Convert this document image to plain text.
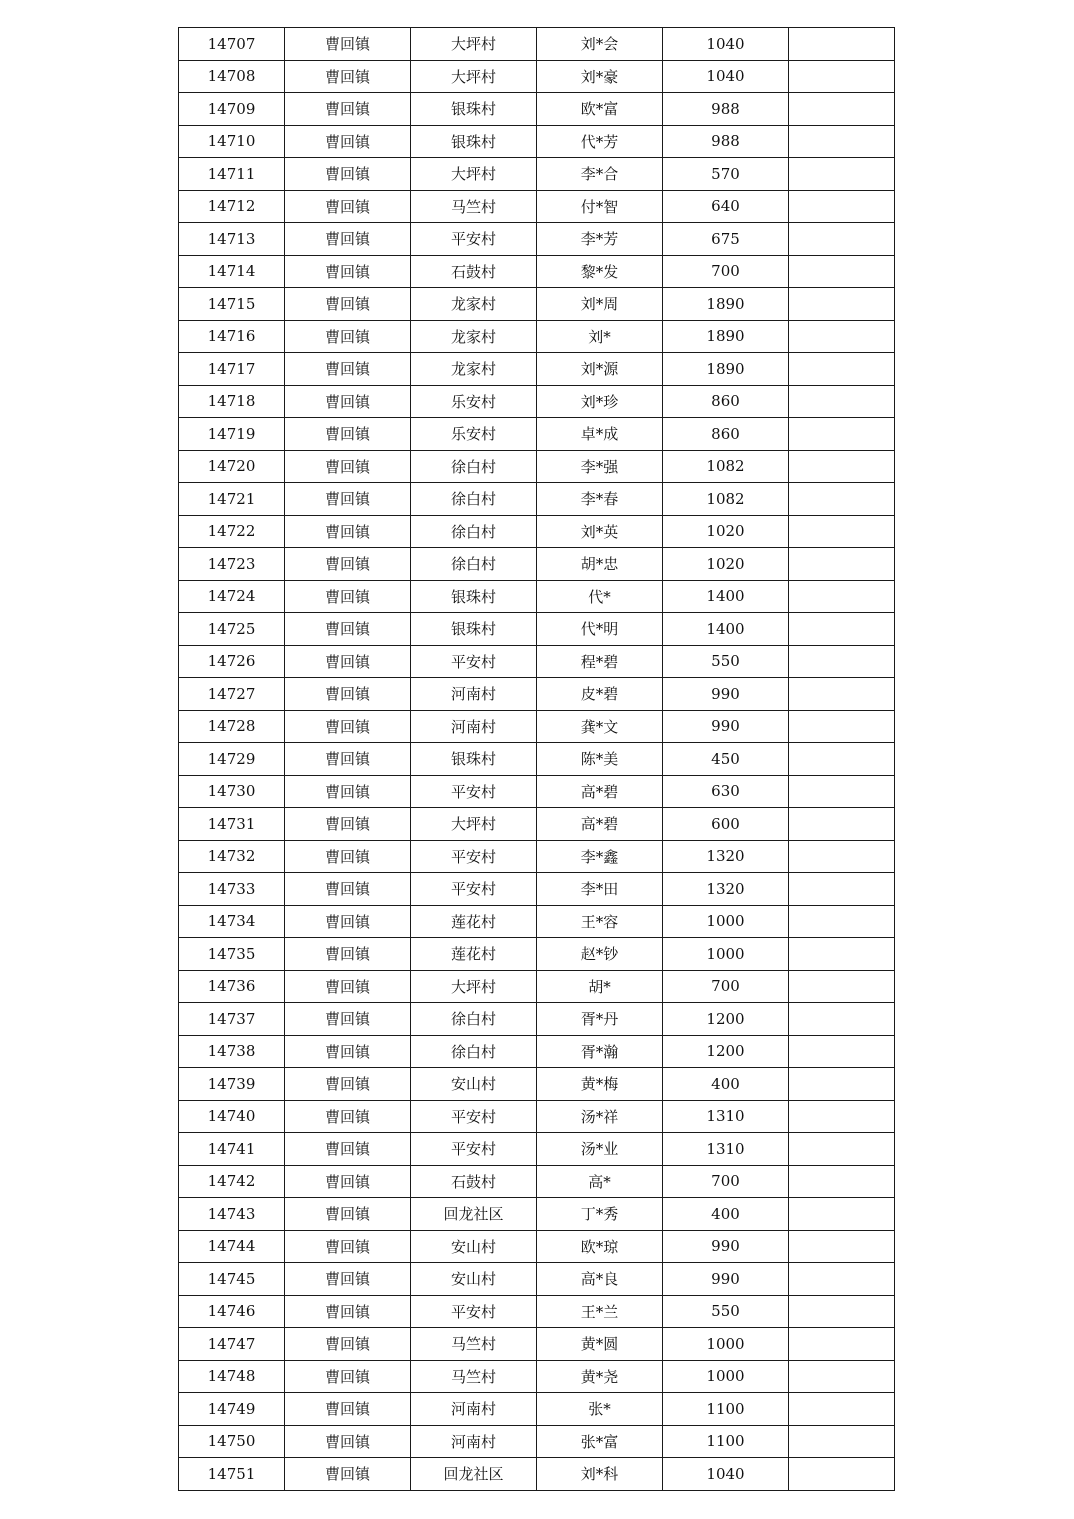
14707	曹回镇	大坪村	刘*会	1040	
14708	曹回镇	大坪村	刘*豪	1040	
14709	曹回镇	银珠村	欧*富	988	
14710	曹回镇	银珠村	代*芳	988	
14711	曹回镇	大坪村	李*合	570	
14712	曹回镇	马竺村	付*智	640	
14713	曹回镇	平安村	李*芳	675	
14714	曹回镇	石鼓村	黎*发	700	
14715	曹回镇	龙家村	刘*周	1890	
14716	曹回镇	龙家村	刘*	1890	
14717	曹回镇	龙家村	刘*源	1890	
14718	曹回镇	乐安村	刘*珍	860	
14719	曹回镇	乐安村	卓*成	860	
14720	曹回镇	徐白村	李*强	1082	
14721	曹回镇	徐白村	李*春	1082	
14722	曹回镇	徐白村	刘*英	1020	
14723	曹回镇	徐白村	胡*忠	1020	
14724	曹回镇	银珠村	代*	1400	
14725	曹回镇	银珠村	代*明	1400	
14726	曹回镇	平安村	程*碧	550	
14727	曹回镇	河南村	皮*碧	990	
14728	曹回镇	河南村	龚*文	990	
14729	曹回镇	银珠村	陈*美	450	
14730	曹回镇	平安村	高*碧	630	
14731	曹回镇	大坪村	高*碧	600	
14732	曹回镇	平安村	李*鑫	1320	
14733	曹回镇	平安村	李*田	1320	
14734	曹回镇	莲花村	王*容	1000	
14735	曹回镇	莲花村	赵*钞	1000	
14736	曹回镇	大坪村	胡*	700	
14737	曹回镇	徐白村	胥*丹	1200	
14738	曹回镇	徐白村	胥*瀚	1200	
14739	曹回镇	安山村	黄*梅	400	
14740	曹回镇	平安村	汤*祥	1310	
14741	曹回镇	平安村	汤*业	1310	
14742	曹回镇	石鼓村	高*	700	
14743	曹回镇	回龙社区	丁*秀	400	
14744	曹回镇	安山村	欧*琼	990	
14745	曹回镇	安山村	高*良	990	
14746	曹回镇	平安村	王*兰	550	
14747	曹回镇	马竺村	黄*圆	1000	
14748	曹回镇	马竺村	黄*尧	1000	
14749	曹回镇	河南村	张*	1100	
14750	曹回镇	河南村	张*富	1100	
14751	曹回镇	回龙社区	刘*科	1040	
